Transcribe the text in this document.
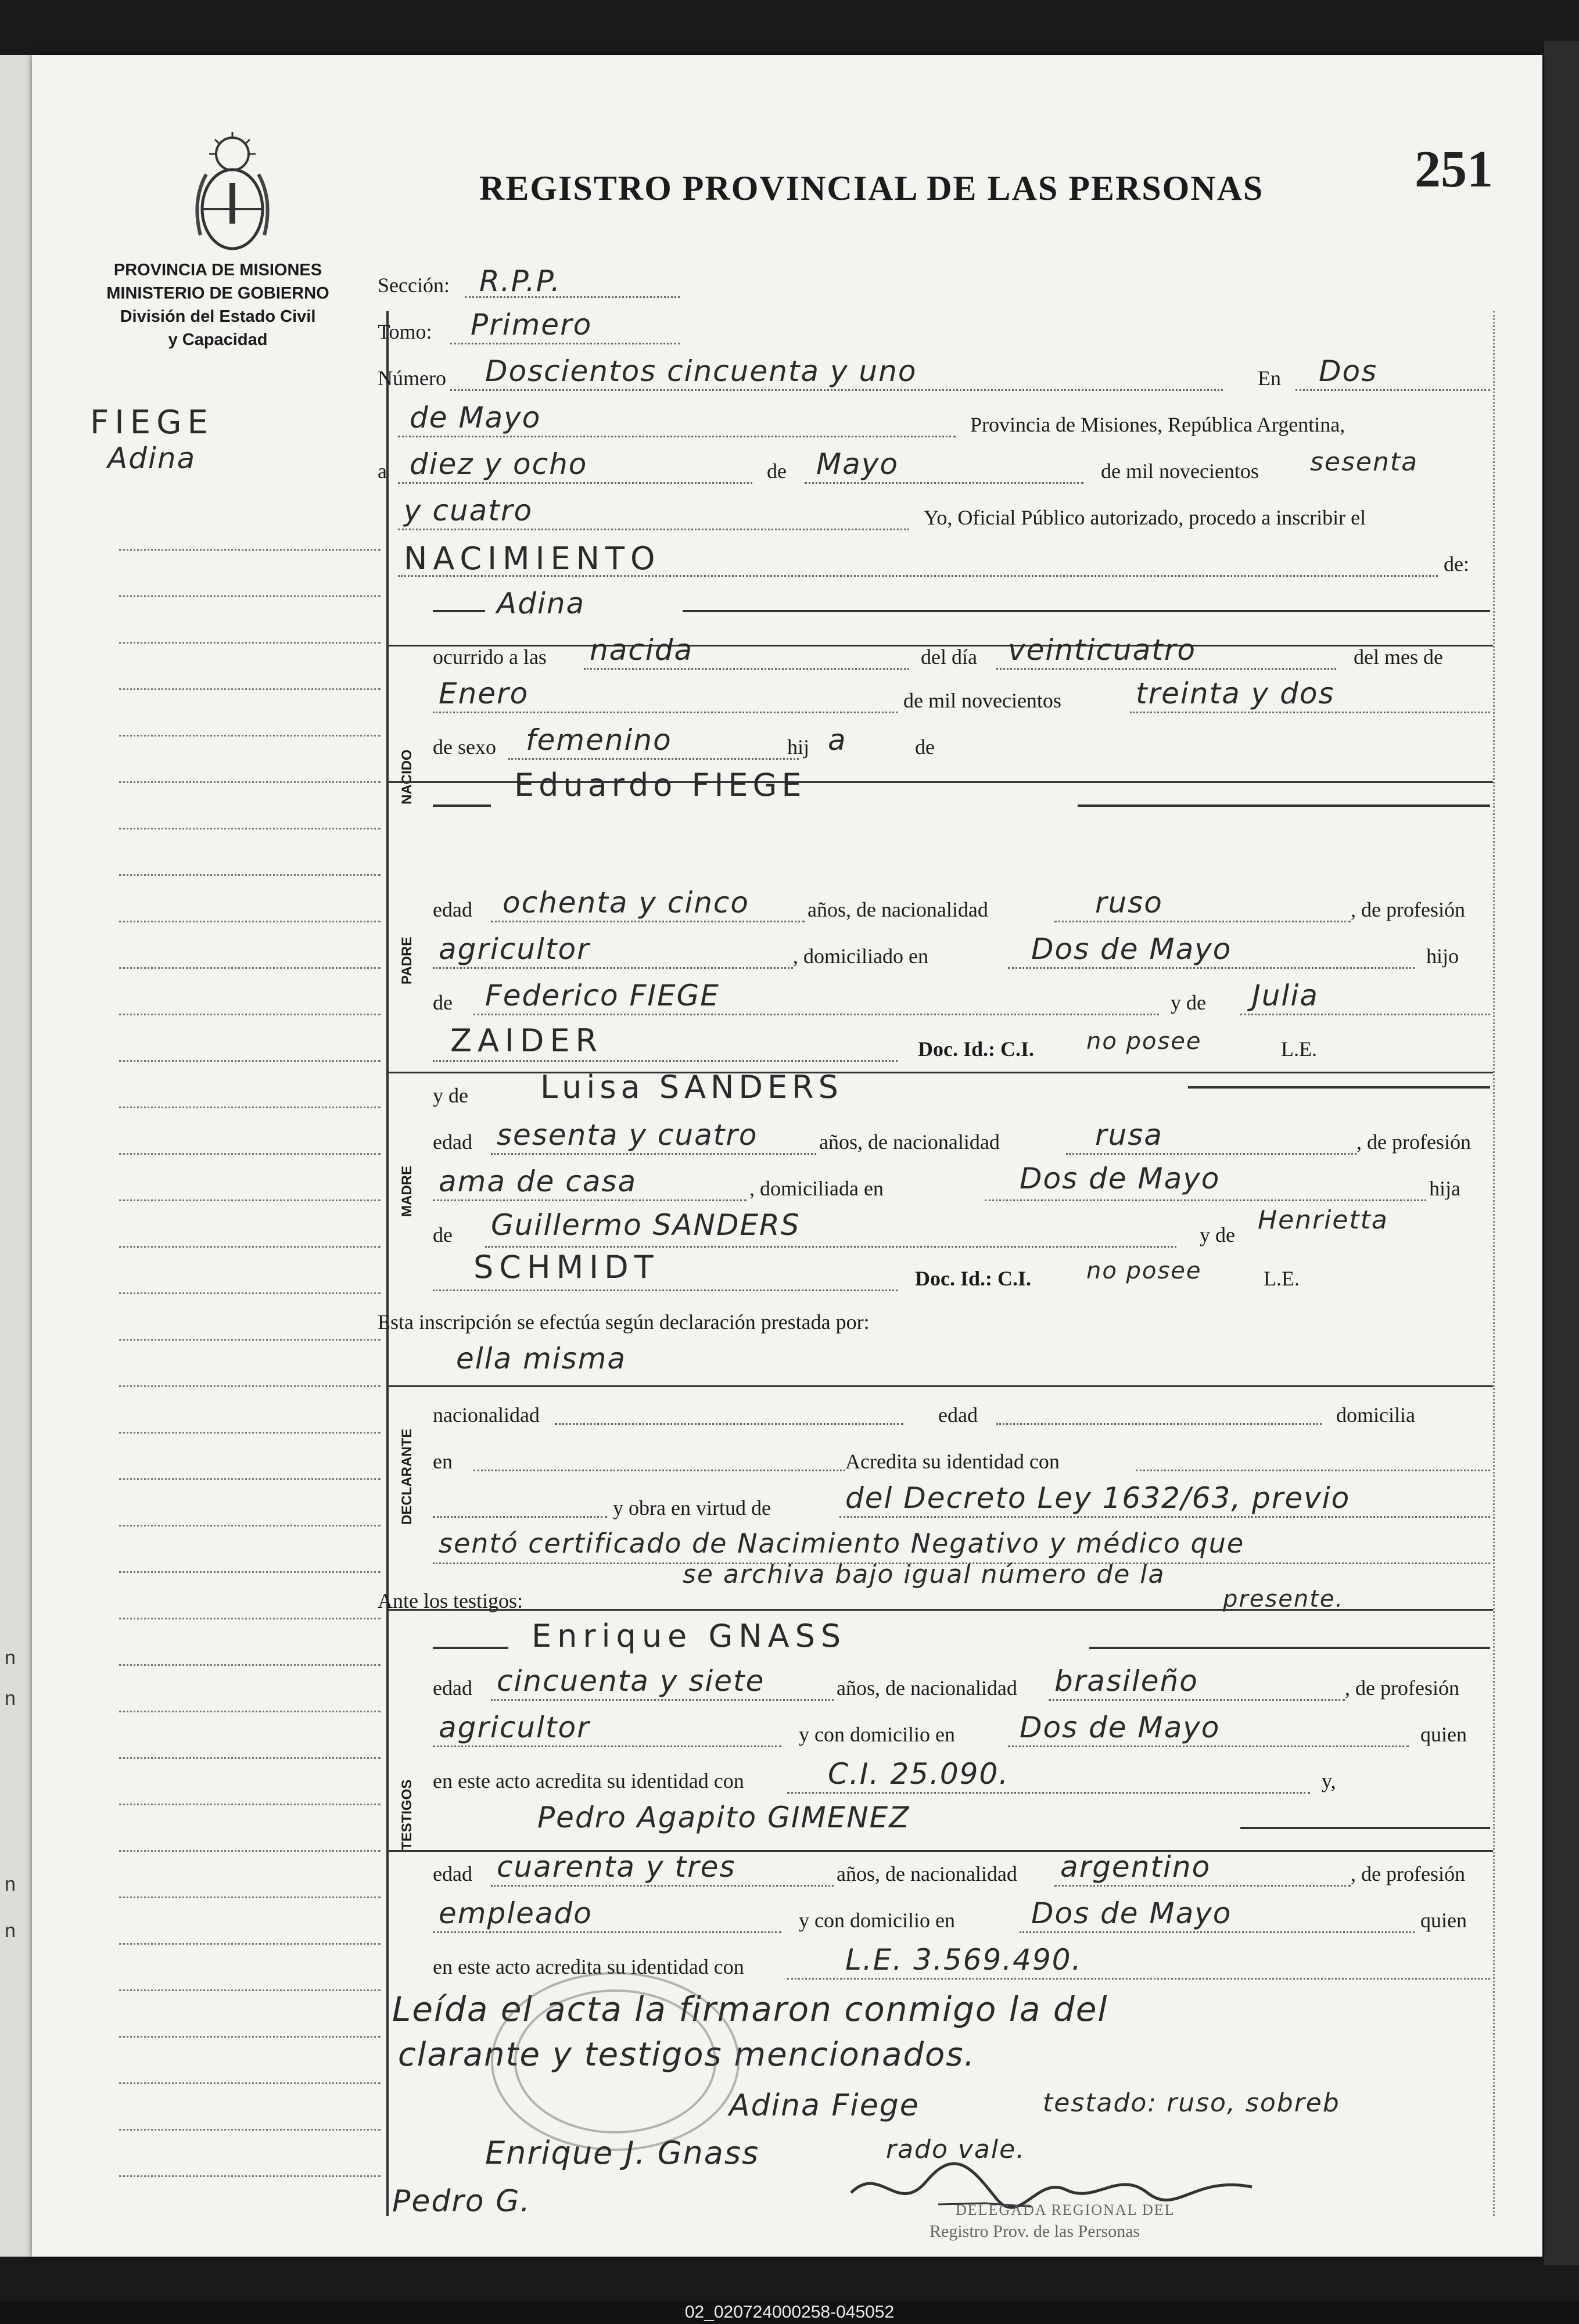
n
n
n
n
REGISTRO PROVINCIAL DE LAS PERSONAS	251
PROVINCIA DE MISIONES
MINISTERIO DE GOBIERNO
División del Estado Civil
y Capacidad
FIEGE
Adina
Sección: R.P.P.
Tomo: Primero
Número Doscientos cincuenta y uno	En Dos
de Mayo	Provincia de Misiones, República Argentina,
a diez y ocho	de Mayo	de mil novecientos sesenta
y cuatro	Yo, Oficial Público autorizado, procedo a inscribir el
NACIMIENTO	de:
Adina
NACIDO
ocurrido a las nacida	del día veinticuatro	del mes de
Enero	de mil novecientos	treinta y dos
de sexo femenino	hij a	de
PADRE
Eduardo FIEGE
edad ochenta y cinco	años, de nacionalidad	ruso	, de profesión
agricultor	, domiciliado en	Dos de Mayo	hijo
de Federico FIEGE	y de Julia
ZAIDER	Doc. Id.: C.I. no posee	L.E.
MADRE
y de Luisa SANDERS
edad sesenta y cuatro	años, de nacionalidad	rusa	, de profesión
ama de casa	, domiciliada en	Dos de Mayo	hija
de Guillermo SANDERS	y de Henrietta
SCHMIDT	Doc. Id.: C.I. no posee	L.E.
Esta inscripción se efectúa según declaración prestada por:
ella misma
DECLARANTE
nacionalidad	edad	domicilia
en	Acredita su identidad con
y obra en virtud de	del Decreto Ley 1632/63, previo
sentó certificado de Nacimiento Negativo y médico que
se archiva bajo igual número de la
presente.
Ante los testigos:
TESTIGOS
Enrique GNASS
edad cincuenta y siete	años, de nacionalidad brasileño	, de profesión
agricultor	y con domicilio en Dos de Mayo	quien
en este acto acredita su identidad con	C.I. 25.090.	y,
Pedro Agapito GIMENEZ
edad cuarenta y tres	años, de nacionalidad argentino	, de profesión
empleado	y con domicilio en	Dos de Mayo	quien
en este acto acredita su identidad con	L.E. 3.569.490.
Leída el acta la firmaron conmigo la del
clarante y testigos mencionados.
Adina Fiege	testado: ruso, sobreb
Enrique J. Gnass	rado vale.
Pedro G.	DELEGADA REGIONAL DEL
Registro Prov. de las Personas
02_020724000258-045052
